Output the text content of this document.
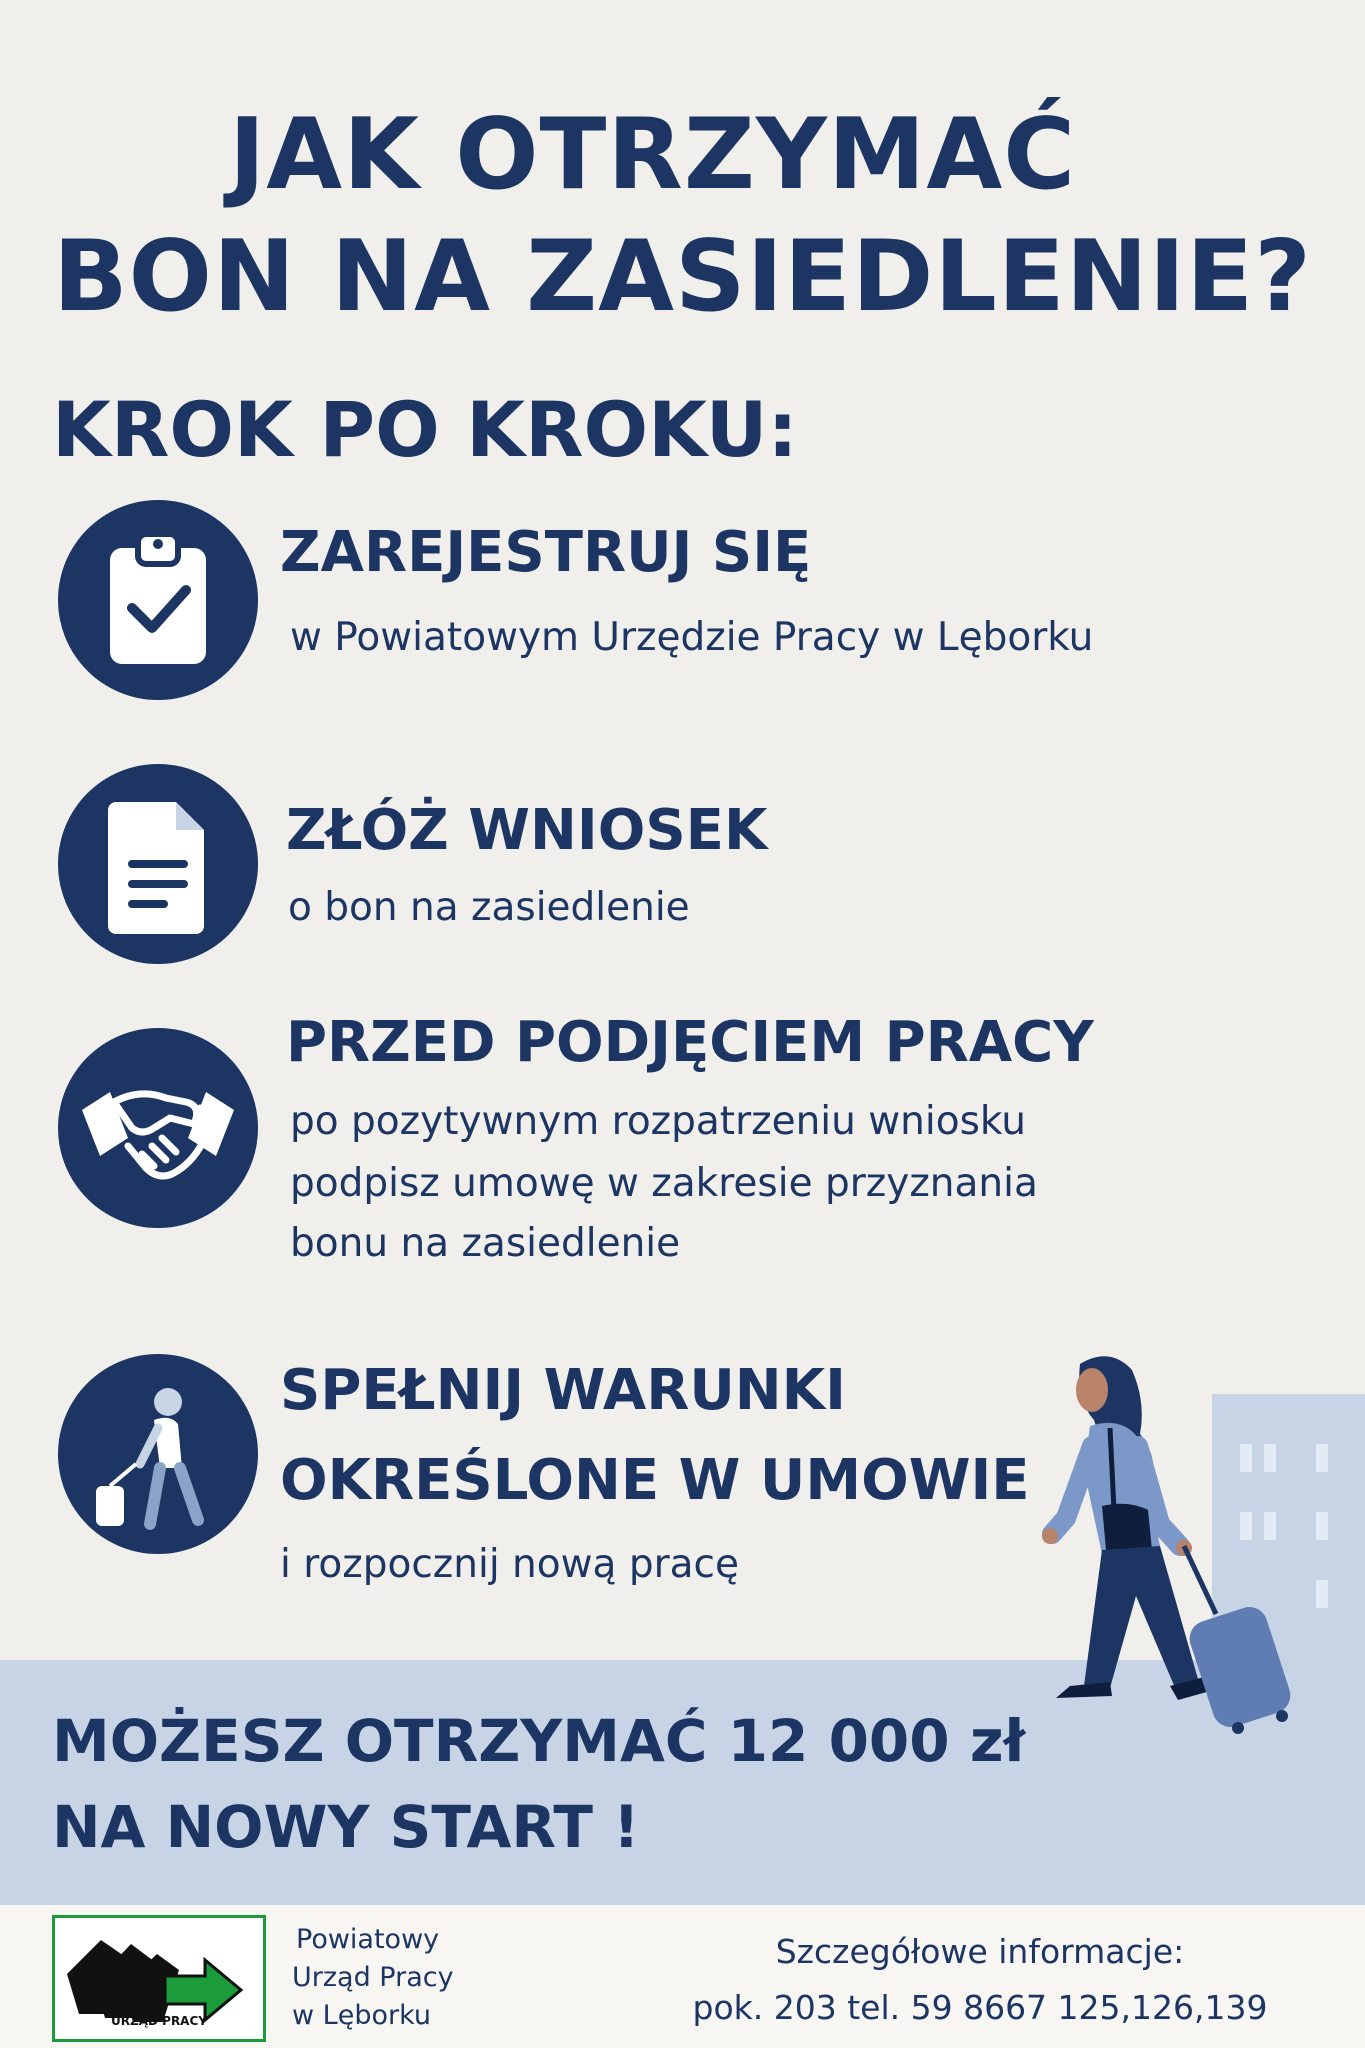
JAK OTRZYMAĆ
BON NA ZASIEDLENIE?
KROK PO KROKU:
ZAREJESTRUJ SIĘ
w Powiatowym Urzędzie Pracy w Lęborku
ZŁÓŻ WNIOSEK
o bon na zasiedlenie
PRZED PODJĘCIEM PRACY
po pozytywnym rozpatrzeniu wniosku
podpisz umowę w zakresie przyznania
bonu na zasiedlenie
SPEŁNIJ WARUNKI
OKREŚLONE W UMOWIE
i rozpocznij nową pracę
MOŻESZ OTRZYMAĆ 12 000 zł
NA NOWY START !
URZĄD PRACY
Powiatowy
Urząd Pracy
w Lęborku
Szczegółowe informacje:
pok. 203 tel. 59 8667 125,126,139
